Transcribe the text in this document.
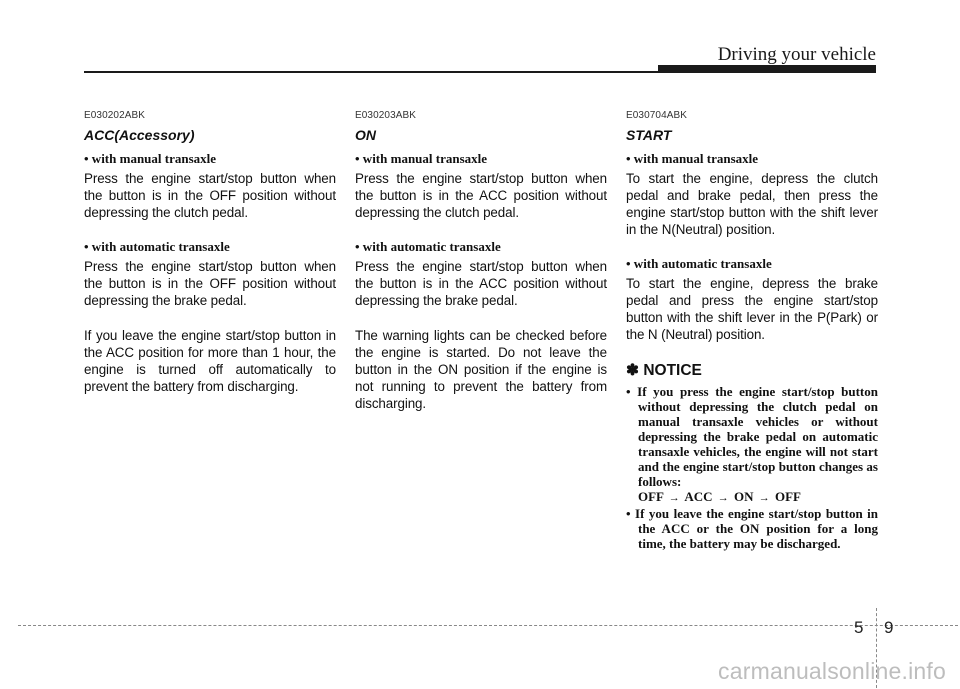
Driving your vehicle
E030202ABK
ACC(Accessory)
• with manual transaxle

Press the engine start/stop button when the button is in the OFF position without depressing the clutch pedal.

• with automatic transaxle

Press the engine start/stop button when the button is in the OFF position without depressing the brake pedal.

If you leave the engine start/stop button in the ACC position for more than 1 hour, the engine is turned off automatically to prevent the battery from discharging.

E030203ABK
ON
• with manual transaxle

Press the engine start/stop button when the button is in the ACC position without depressing the clutch pedal.

• with automatic transaxle

Press the engine start/stop button when the button is in the ACC position without depressing the brake pedal.

The warning lights can be checked before the engine is started. Do not leave the button in the ON position if the engine is not running to prevent the battery from discharging.

E030704ABK
START
• with manual transaxle

To start the engine, depress the clutch pedal and brake pedal, then press the engine start/stop button with the shift lever in the N(Neutral) position.

• with automatic transaxle

To start the engine, depress the brake pedal and press the engine start/stop button with the shift lever in the P(Park) or the N (Neutral) position.

✽ NOTICE
• If you press the engine start/stop button without depressing the clutch pedal on manual transaxle vehicles or without depressing the brake pedal on automatic transaxle vehicles, the engine will not start and the engine start/stop button changes as follows:
OFF → ACC → ON → OFF
• If you leave the engine start/stop button in the ACC or the ON position for a long time, the battery may be discharged.
5 9
carmanualsonline.info
